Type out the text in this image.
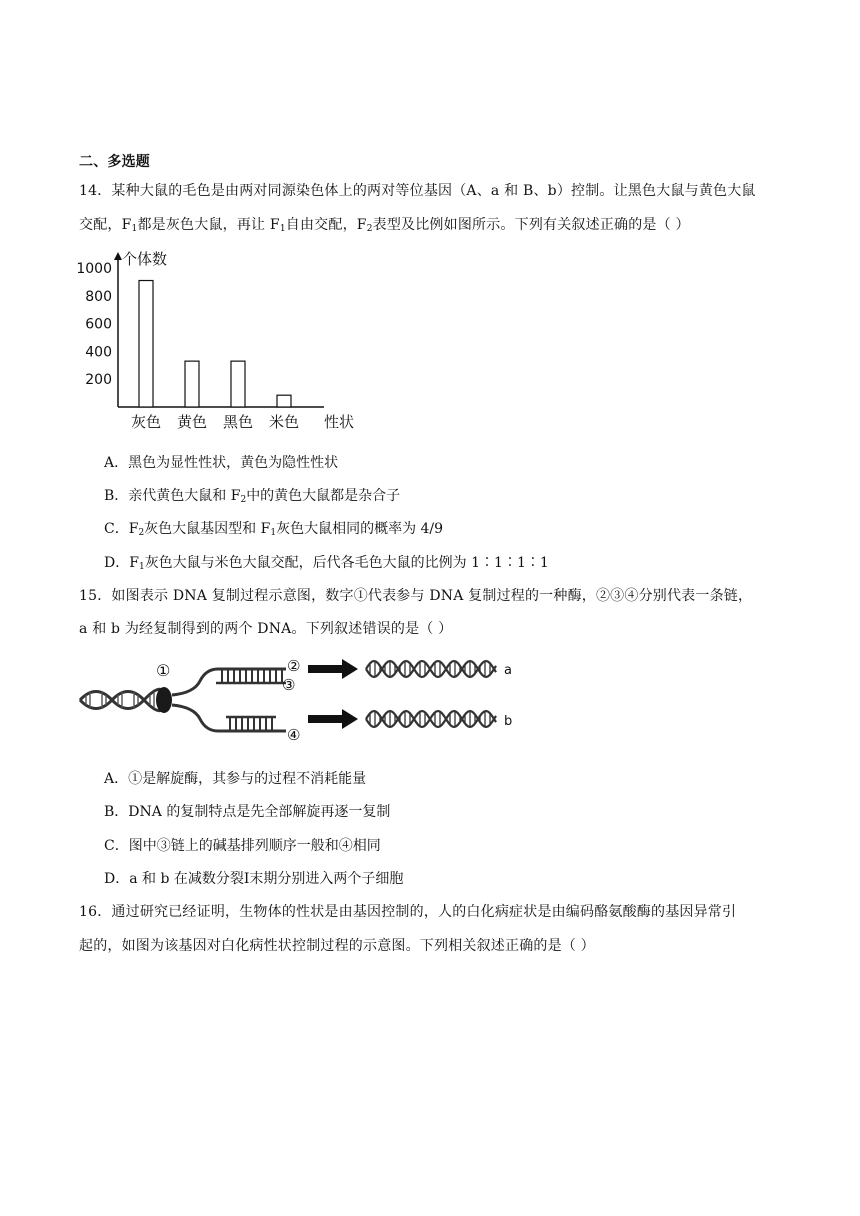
二、多选题
14．某种大鼠的毛色是由两对同源染色体上的两对等位基因（A、a 和 B、b）控制。让黑色大鼠与黄色大鼠
交配，$F_1$都是灰色大鼠，再让 $F_1$自由交配，$F_2$表型及比例如图所示。下列有关叙述正确的是（ ）
个体数
200
400
600
800
1000
灰色 黄色 黑色 米色 性状
A．黑色为显性性状，黄色为隐性性状
B．亲代黄色大鼠和 $F_2$中的黄色大鼠都是杂合子
C．$F_2$灰色大鼠基因型和 $F_1$灰色大鼠相同的概率为 4/9
D．$F_1$灰色大鼠与米色大鼠交配，后代各毛色大鼠的比例为 1∶1∶1∶1
15．如图表示 DNA 复制过程示意图，数字①代表参与 DNA 复制过程的一种酶，②③④分别代表一条链，
a 和 b 为经复制得到的两个 DNA。下列叙述错误的是（ ）
①	②
③
④
a
b
A．①是解旋酶，其参与的过程不消耗能量
B．DNA 的复制特点是先全部解旋再逐一复制
C．图中③链上的碱基排列顺序一般和④相同
D．a 和 b 在减数分裂Ⅰ末期分别进入两个子细胞
16．通过研究已经证明，生物体的性状是由基因控制的，人的白化病症状是由编码酪氨酸酶的基因异常引
起的，如图为该基因对白化病性状控制过程的示意图。下列相关叙述正确的是（ ）
